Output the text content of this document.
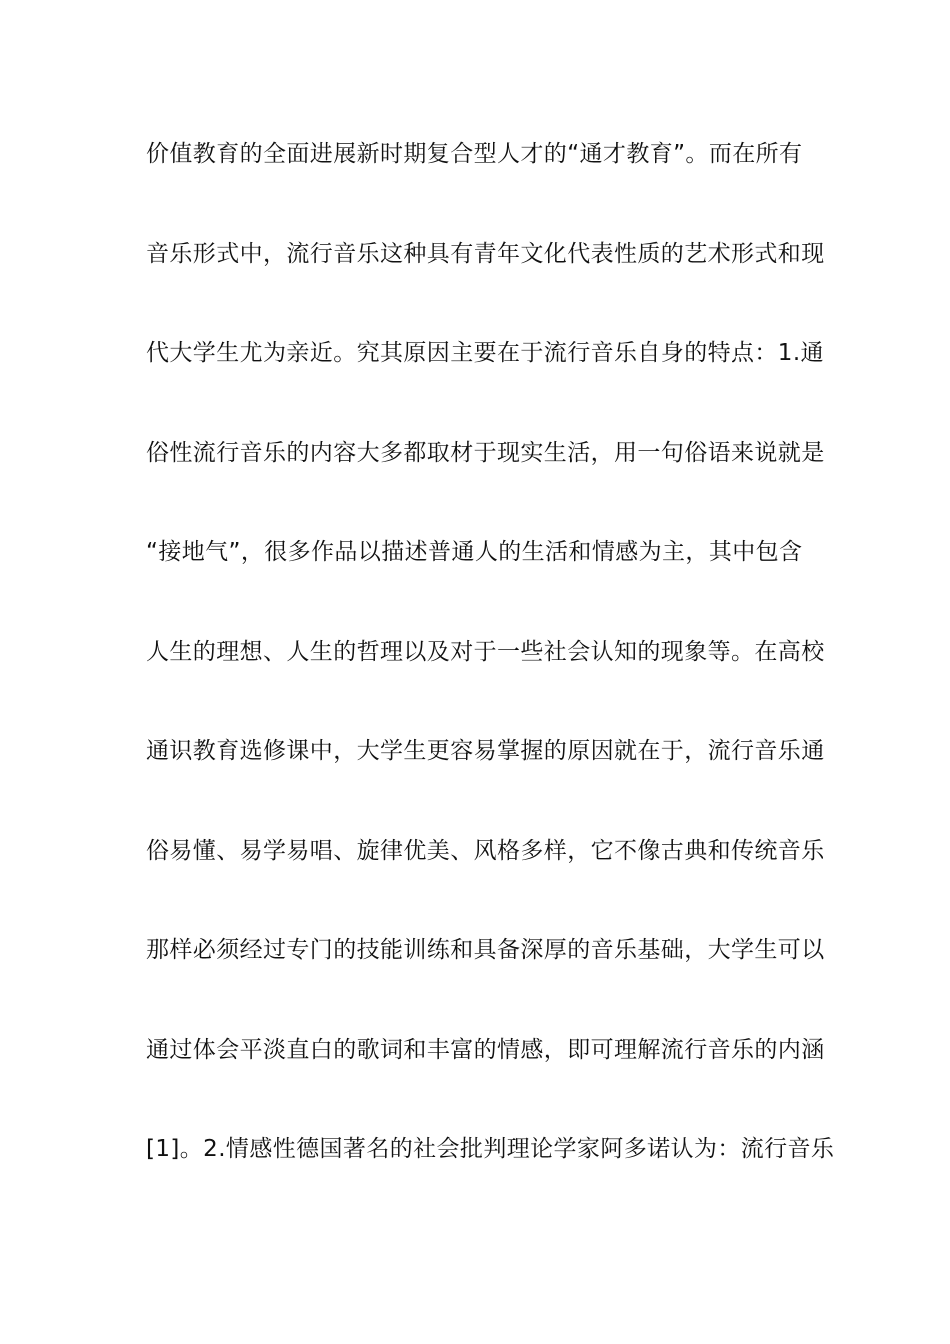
价值教育的全面进展新时期复合型人才的“通才教育”。而在所有
音乐形式中，流行音乐这种具有青年文化代表性质的艺术形式和现
代大学生尤为亲近。究其原因主要在于流行音乐自身的特点：1.通
俗性流行音乐的内容大多都取材于现实生活，用一句俗语来说就是
“接地气”，很多作品以描述普通人的生活和情感为主，其中包含
人生的理想、人生的哲理以及对于一些社会认知的现象等。在高校
通识教育选修课中，大学生更容易掌握的原因就在于，流行音乐通
俗易懂、易学易唱、旋律优美、风格多样，它不像古典和传统音乐
那样必须经过专门的技能训练和具备深厚的音乐基础，大学生可以
通过体会平淡直白的歌词和丰富的情感，即可理解流行音乐的内涵
[1]。2.情感性德国著名的社会批判理论学家阿多诺认为：流行音乐
